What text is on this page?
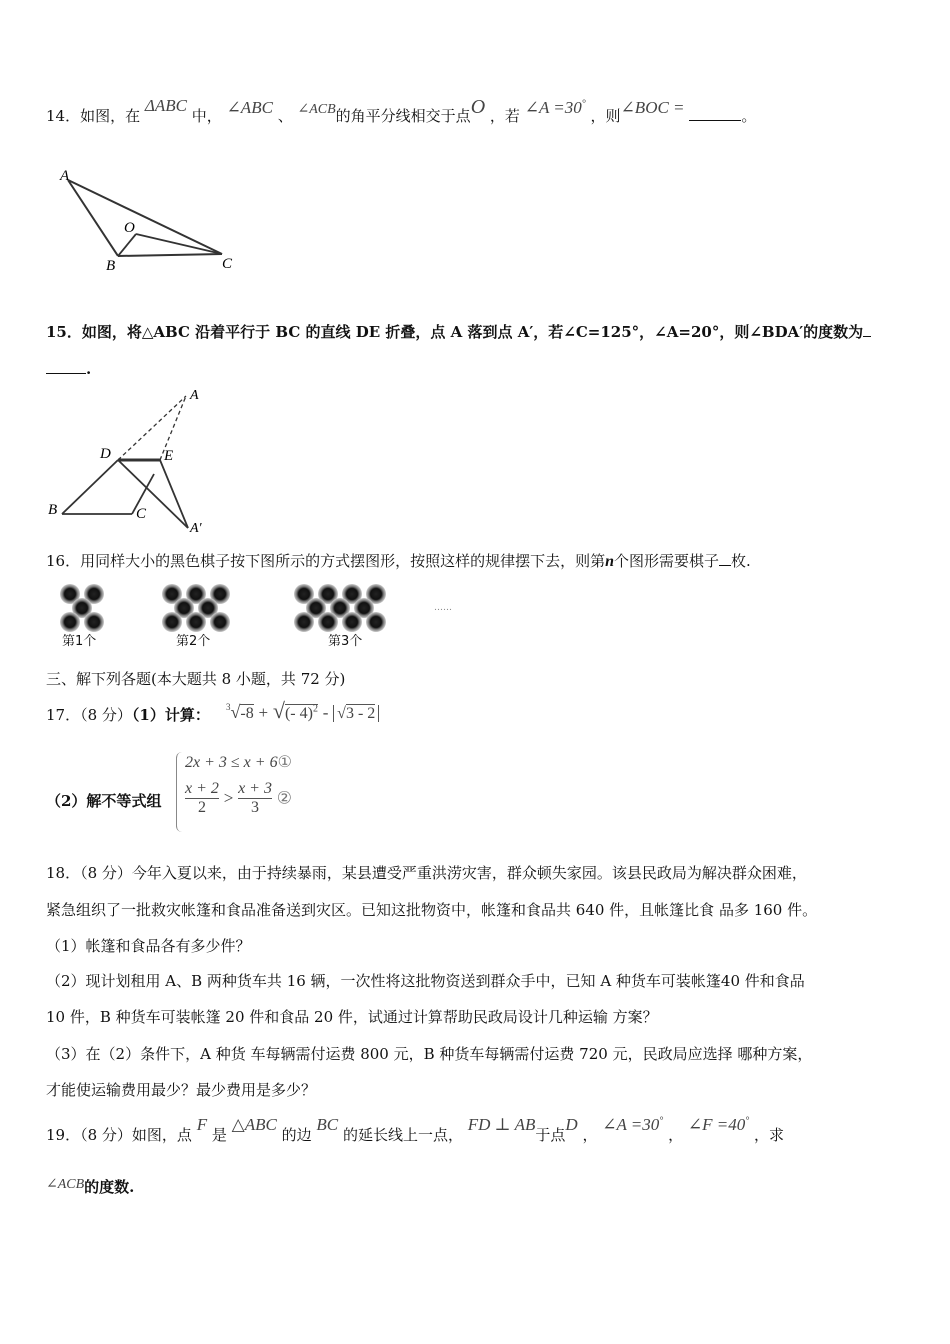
14．如图，在 ΔABC 中， ∠ABC 、 ∠ACB的角平分线相交于点O ，若 ∠A =30° ，则∠BOC =	。
A
O
B	C
15．如图，将△ABC 沿着平行于 BC 的直线 DE 折叠，点 A 落到点 A′，若∠C=125°，∠A=20°，则∠BDA′的度数为
.
A
D	E
B	C
A′
16．用同样大小的黑色棋子按下图所示的方式摆图形，按照这样的规律摆下去，则第n个图形需要棋子 枚.
第1个	第2个	第3个
……
三、解下列各题(本大题共 8 小题，共 72 分)
17．（8 分）（1）计算： $^3$√-8 + √(- 4)$^2$ - √3 - 2
（2）解不等式组
2x + 3 ≤ x + 6①
$\frac{x + 2}{2} > \frac{x + 3}{3}$ ②
18．（8 分）今年入夏以来，由于持续暴雨，某县遭受严重洪涝灾害，群众顿失家园。该县民政局为解决群众困难，
紧急组织了一批救灾帐篷和食品准备送到灾区。已知这批物资中，帐篷和食品共 640 件，且帐篷比食 品多 160 件。
（1）帐篷和食品各有多少件？
（2）现计划租用 A、B 两种货车共 16 辆，一次性将这批物资送到群众手中，已知 A 种货车可装帐篷40 件和食品
10 件，B 种货车可装帐篷 20 件和食品 20 件，试通过计算帮助民政局设计几种运输 方案？
（3）在（2）条件下，A 种货 车每辆需付运费 800 元，B 种货车每辆需付运费 720 元，民政局应选择 哪种方案，
才能使运输费用最少？最少费用是多少？
19．（8 分）如图，点 F 是 △ABC 的边 BC 的延长线上一点， FD ⊥ AB于点D ， ∠A =30° ， ∠F =40° ，求
∠ACB的度数.
